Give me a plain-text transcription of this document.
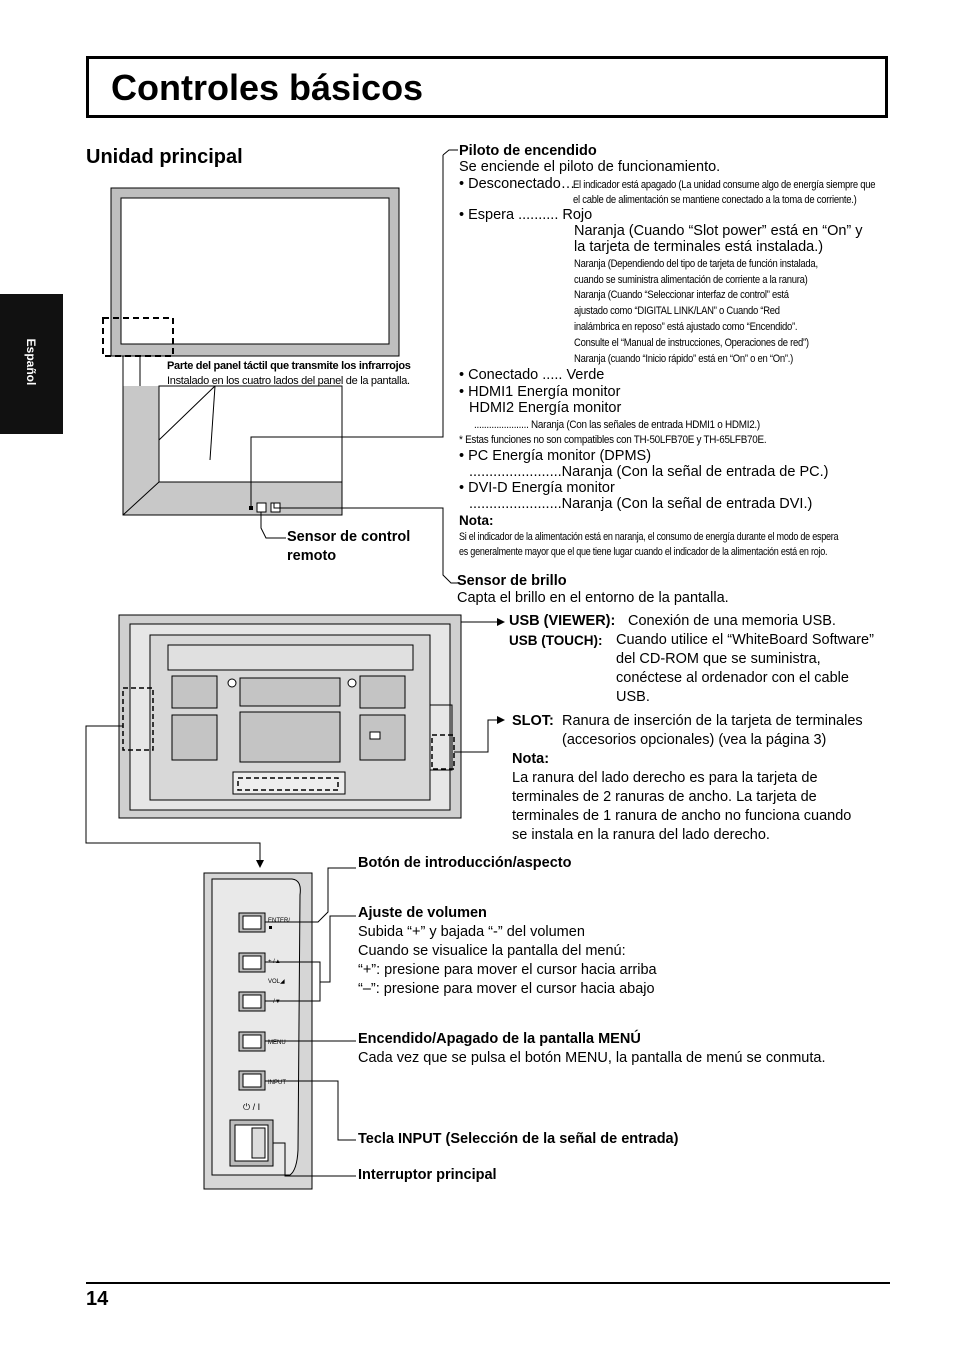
Controles básicos
Unidad principal
Español
ENTER/
+ /▲
VOL◢
− /▼
MENU
INPUT
⏻ / I
Parte del panel táctil que transmite los infrarrojos
Instalado en los cuatro lados del panel de la pantalla.
Sensor de control
remoto
Piloto de encendido
Se enciende el piloto de funcionamiento.
• Desconectado…
El indicador está apagado (La unidad consume algo de energía siempre que
el cable de alimentación se mantiene conectado a la toma de corriente.)
• Espera .......... Rojo
Naranja (Cuando “Slot power” está en “On” y
la tarjeta de terminales está instalada.)
Naranja (Dependiendo del tipo de tarjeta de función instalada,
cuando se suministra alimentación de corriente a la ranura)
Naranja (Cuando “Seleccionar interfaz de control” está
ajustado como “DIGITAL LINK/LAN” o Cuando “Red
inalámbrica en reposo” está ajustado como “Encendido”.
Consulte el “Manual de instrucciones, Operaciones de red”)
Naranja (cuando “Inicio rápido” está en “On” o en “On”.)
• Conectado ..... Verde
• HDMI1 Energía monitor
HDMI2 Energía monitor
...................... Naranja (Con las señales de entrada HDMI1 o HDMI2.)
* Estas funciones no son compatibles con TH-50LFB70E y TH-65LFB70E.
• PC Energía monitor (DPMS)
.......................Naranja (Con la señal de entrada de PC.)
• DVI-D Energía monitor
.......................Naranja (Con la señal de entrada DVI.)
Nota:
Si el indicador de la alimentación está en naranja, el consumo de energía durante el modo de espera
es generalmente mayor que el que tiene lugar cuando el indicador de la alimentación está en rojo.
Sensor de brillo
Capta el brillo en el entorno de la pantalla.
USB (VIEWER): Conexión de una memoria USB.
USB (TOUCH): Cuando utilice el “WhiteBoard Software”
del CD-ROM que se suministra,
conéctese al ordenador con el cable
USB.
SLOT: Ranura de inserción de la tarjeta de terminales
(accesorios opcionales) (vea la página 3)
Nota:
La ranura del lado derecho es para la tarjeta de
terminales de 2 ranuras de ancho. La tarjeta de
terminales de 1 ranura de ancho no funciona cuando
se instala en la ranura del lado derecho.
Botón de introducción/aspecto
Ajuste de volumen
Subida “+” y bajada “-” del volumen
Cuando se visualice la pantalla del menú:
“+”: presione para mover el cursor hacia arriba
“–”: presione para mover el cursor hacia abajo
Encendido/Apagado de la pantalla MENÚ
Cada vez que se pulsa el botón MENU, la pantalla de menú se conmuta.
Tecla INPUT (Selección de la señal de entrada)
Interruptor principal
14
